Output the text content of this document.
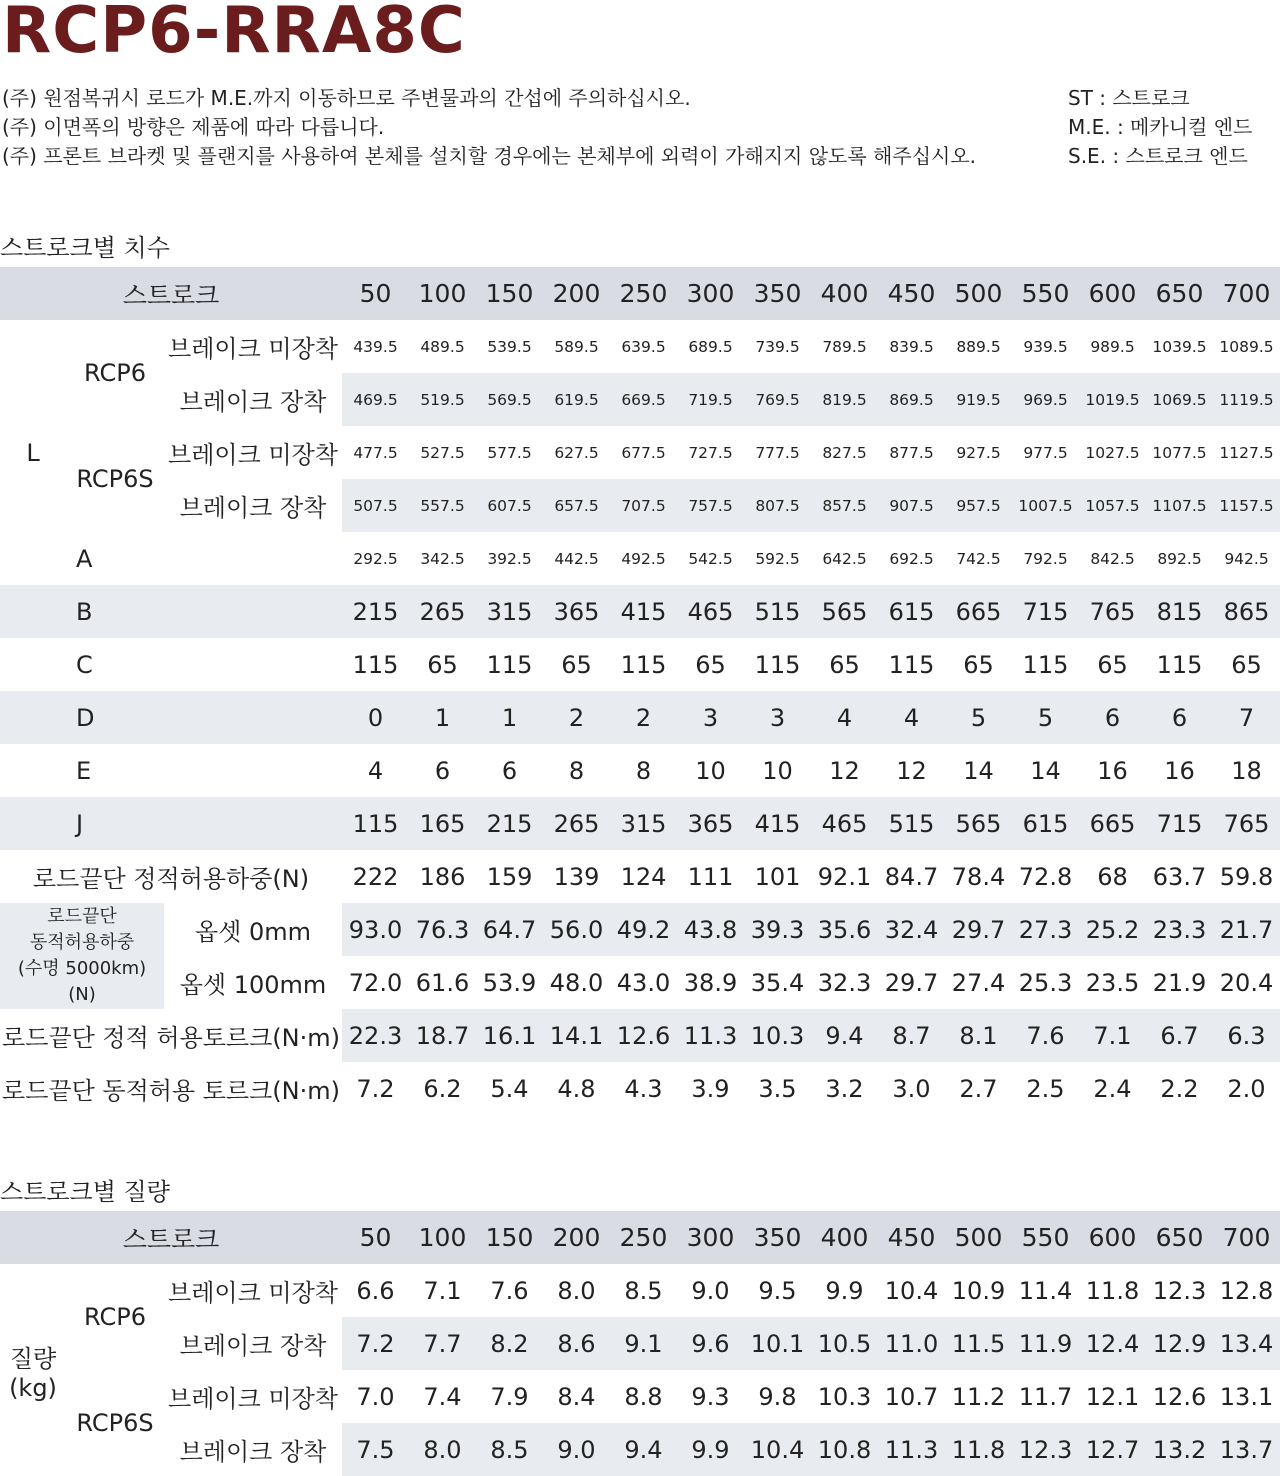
RCP6-RRA8C
(주) 원점복귀시 로드가 M.E.까지 이동하므로 주변물과의 간섭에 주의하십시오.
(주) 이면폭의 방향은 제품에 따라 다릅니다.
(주) 프론트 브라켓 및 플랜지를 사용하여 본체를 설치할 경우에는 본체부에 외력이 가해지지 않도록 해주십시오.
ST : 스트로크
M.E. : 메카니컬 엔드
S.E. : 스트로크 엔드
스트로크별 치수
스트로크			50	100	150	200	250	300	350	400	450	500	550	600	650	700
L	RCP6	브레이크 미장착	439.5	489.5	539.5	589.5	639.5	689.5	739.5	789.5	839.5	889.5	939.5	989.5	1039.5	1089.5
		브레이크 장착	469.5	519.5	569.5	619.5	669.5	719.5	769.5	819.5	869.5	919.5	969.5	1019.5	1069.5	1119.5
	RCP6S	브레이크 미장착	477.5	527.5	577.5	627.5	677.5	727.5	777.5	827.5	877.5	927.5	977.5	1027.5	1077.5	1127.5
		브레이크 장착	507.5	557.5	607.5	657.5	707.5	757.5	807.5	857.5	907.5	957.5	1007.5	1057.5	1107.5	1157.5
	A		292.5	342.5	392.5	442.5	492.5	542.5	592.5	642.5	692.5	742.5	792.5	842.5	892.5	942.5
	B		215	265	315	365	415	465	515	565	615	665	715	765	815	865
	C		115	65	115	65	115	65	115	65	115	65	115	65	115	65
	D		0	1	1	2	2	3	3	4	4	5	5	6	6	7
	E		4	6	6	8	8	10	10	12	12	14	14	16	16	18
	J		115	165	215	265	315	365	415	465	515	565	615	665	715	765
로드끝단 정적허용하중(N)			222	186	159	139	124	111	101	92.1	84.7	78.4	72.8	68	63.7	59.8

로드끝단
동적허용하중
(수명 5000km)
(N)		옵셋 0mm	93.0	76.3	64.7	56.0	49.2	43.8	39.3	35.6	32.4	29.7	27.3	25.2	23.3	21.7
		옵셋 100mm	72.0	61.6	53.9	48.0	43.0	38.9	35.4	32.3	29.7	27.4	25.3	23.5	21.9	20.4
로드끝단 정적 허용토르크(N·m)			22.3	18.7	16.1	14.1	12.6	11.3	10.3	9.4	8.7	8.1	7.6	7.1	6.7	6.3
로드끝단 동적허용 토르크(N·m)			7.2	6.2	5.4	4.8	4.3	3.9	3.5	3.2	3.0	2.7	2.5	2.4	2.2	2.0
스트로크별 질량
스트로크			50	100	150	200	250	300	350	400	450	500	550	600	650	700

질량
(kg)	RCP6	브레이크 미장착	6.6	7.1	7.6	8.0	8.5	9.0	9.5	9.9	10.4	10.9	11.4	11.8	12.3	12.8
		브레이크 장착	7.2	7.7	8.2	8.6	9.1	9.6	10.1	10.5	11.0	11.5	11.9	12.4	12.9	13.4
	RCP6S	브레이크 미장착	7.0	7.4	7.9	8.4	8.8	9.3	9.8	10.3	10.7	11.2	11.7	12.1	12.6	13.1
		브레이크 장착	7.5	8.0	8.5	9.0	9.4	9.9	10.4	10.8	11.3	11.8	12.3	12.7	13.2	13.7
